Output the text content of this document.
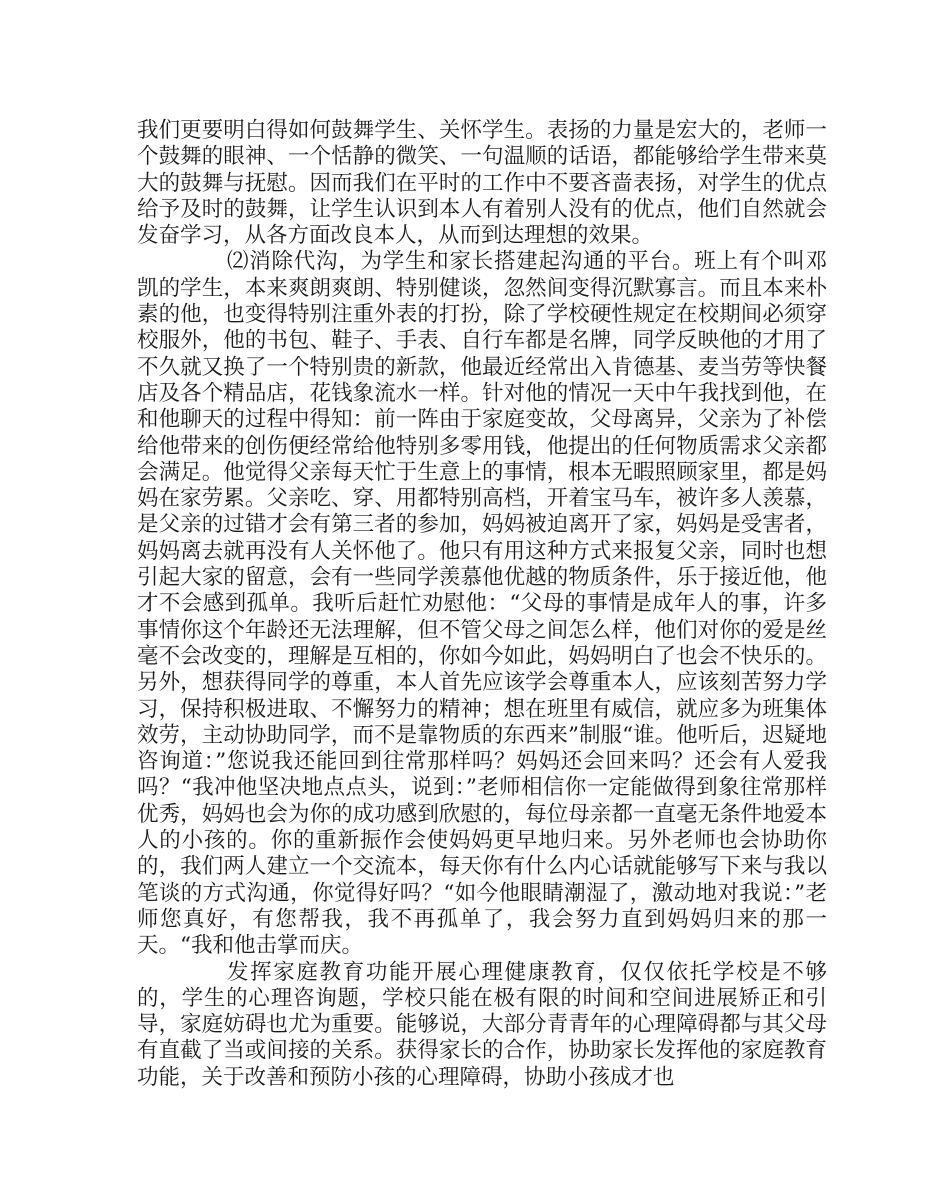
我们更要明白得如何鼓舞学生、关怀学生。表扬的力量是宏大的，老师一个鼓舞的眼神、一个恬静的微笑、一句温顺的话语，都能够给学生带来莫大的鼓舞与抚慰。因而我们在平时的工作中不要吝啬表扬，对学生的优点给予及时的鼓舞，让学生认识到本人有着别人没有的优点，他们自然就会发奋学习，从各方面改良本人，从而到达理想的效果。

⑵消除代沟，为学生和家长搭建起沟通的平台。班上有个叫邓凯的学生，本来爽朗爽朗、特别健谈，忽然间变得沉默寡言。而且本来朴素的他，也变得特别注重外表的打扮，除了学校硬性规定在校期间必须穿校服外，他的书包、鞋子、手表、自行车都是名牌，同学反映他的才用了不久就又换了一个特别贵的新款，他最近经常出入肯德基、麦当劳等快餐店及各个精品店，花钱象流水一样。针对他的情况一天中午我找到他，在和他聊天的过程中得知：前一阵由于家庭变故，父母离异，父亲为了补偿给他带来的创伤便经常给他特别多零用钱，他提出的任何物质需求父亲都会满足。他觉得父亲每天忙于生意上的事情，根本无暇照顾家里，都是妈妈在家劳累。父亲吃、穿、用都特别高档，开着宝马车，被许多人羡慕，是父亲的过错才会有第三者的参加，妈妈被迫离开了家，妈妈是受害者，妈妈离去就再没有人关怀他了。他只有用这种方式来报复父亲，同时也想引起大家的留意，会有一些同学羡慕他优越的物质条件，乐于接近他，他才不会感到孤单。我听后赶忙劝慰他：“父母的事情是成年人的事，许多事情你这个年龄还无法理解，但不管父母之间怎么样，他们对你的爱是丝毫不会改变的，理解是互相的，你如今如此，妈妈明白了也会不快乐的。另外，想获得同学的尊重，本人首先应该学会尊重本人，应该刻苦努力学习，保持积极进取、不懈努力的精神；想在班里有威信，就应多为班集体效劳，主动协助同学，而不是靠物质的东西来”制服“谁。他听后，迟疑地咨询道：”您说我还能回到往常那样吗？妈妈还会回来吗？还会有人爱我吗？“我冲他坚决地点点头，说到：”老师相信你一定能做得到象往常那样优秀，妈妈也会为你的成功感到欣慰的，每位母亲都一直毫无条件地爱本人的小孩的。你的重新振作会使妈妈更早地归来。另外老师也会协助你的，我们两人建立一个交流本，每天你有什么内心话就能够写下来与我以笔谈的方式沟通，你觉得好吗？“如今他眼睛潮湿了，激动地对我说：”老师您真好，有您帮我，我不再孤单了，我会努力直到妈妈归来的那一天。“我和他击掌而庆。

发挥家庭教育功能开展心理健康教育，仅仅依托学校是不够的，学生的心理咨询题，学校只能在极有限的时间和空间进展矫正和引导，家庭妨碍也尤为重要。能够说，大部分青青年的心理障碍都与其父母有直截了当或间接的关系。获得家长的合作，协助家长发挥他的家庭教育功能，关于改善和预防小孩的心理障碍，协助小孩成才也
